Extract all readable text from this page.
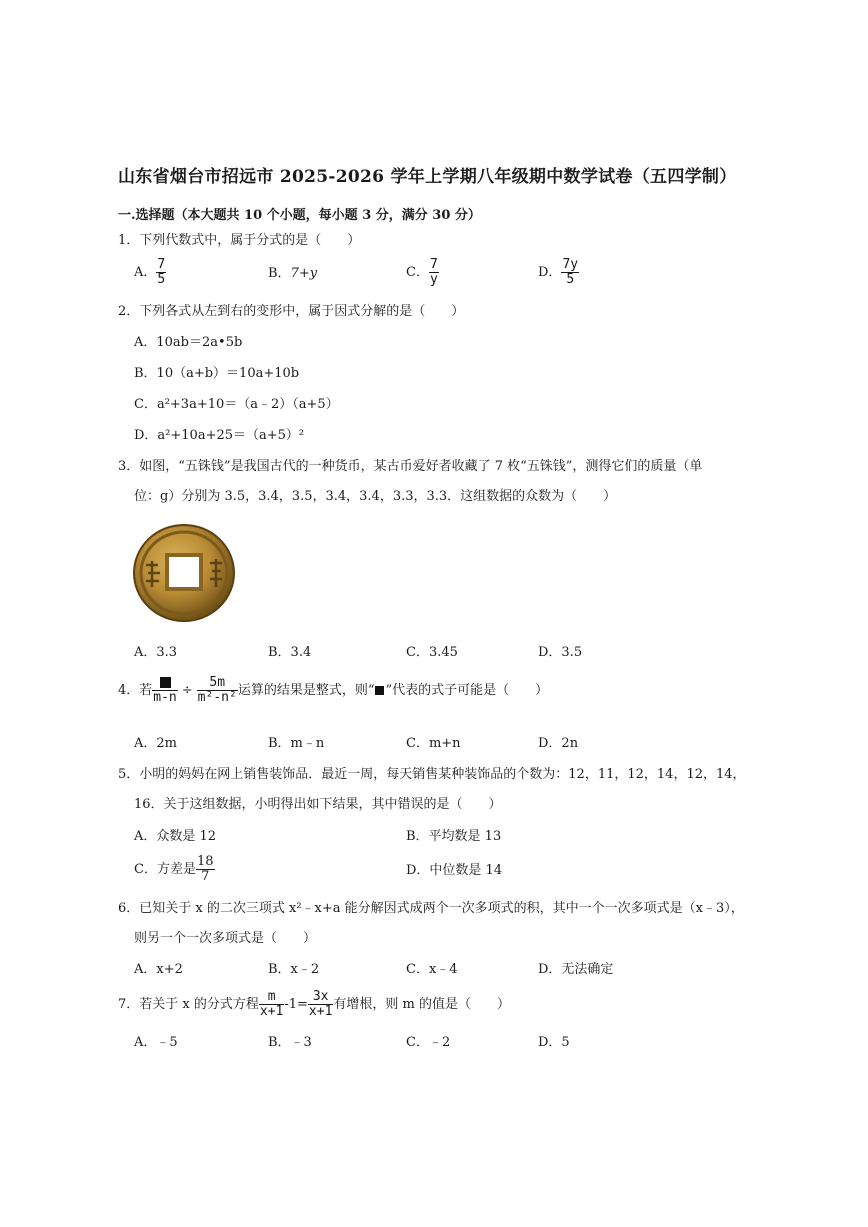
山东省烟台市招远市 2025-2026 学年上学期八年级期中数学试卷（五四学制）
一.选择题（本大题共 10 个小题，每小题 3 分，满分 30 分）
1．下列代数式中，属于分式的是（　　）
A． $\frac{7}{5}$	B．7+y	C． $\frac{7}{y}$	D． $\frac{7y}{5}$
2．下列各式从左到右的变形中，属于因式分解的是（　　）
A．10ab＝2a•5b
B．10（a+b）＝10a+10b
C．a²+3a+10＝（a﹣2）（a+5）
D．a²+10a+25＝（a+5）²
3．如图，“五铢钱”是我国古代的一种货币，某古币爱好者收藏了 7 枚“五铢钱”，测得它们的质量（单
位：g）分别为 3.5，3.4，3.5，3.4，3.4，3.3，3.3．这组数据的众数为（　　）
A．3.3	B．3.4	C．3.45	D．3.5
4．若 $m-n \div \frac{5m}{\text{m²-n²}}$ 运算的结果是整式，则“ ”代表的式子可能是（　　）
A．2m	B．m﹣n	C．m+n	D．2n
5．小明的妈妈在网上销售装饰品．最近一周，每天销售某种装饰品的个数为：12，11，12，14，12，14，
16．关于这组数据，小明得出如下结果，其中错误的是（　　）
A．众数是 12	B．平均数是 13
C．方差是 $\frac{18}{7}$	D．中位数是 14
6．已知关于 x 的二次三项式 x²﹣x+a 能分解因式成两个一次多项式的积，其中一个一次多项式是（x﹣3），
则另一个一次多项式是（　　）
A．x+2	B．x﹣2	C．x﹣4	D．无法确定
7．若关于 x 的分式方程 $\frac{m}{x+1} -1= \frac{3x}{x+1}$ 有增根，则 m 的值是（　　）
A．﹣5	B．﹣3	C．﹣2	D．5
